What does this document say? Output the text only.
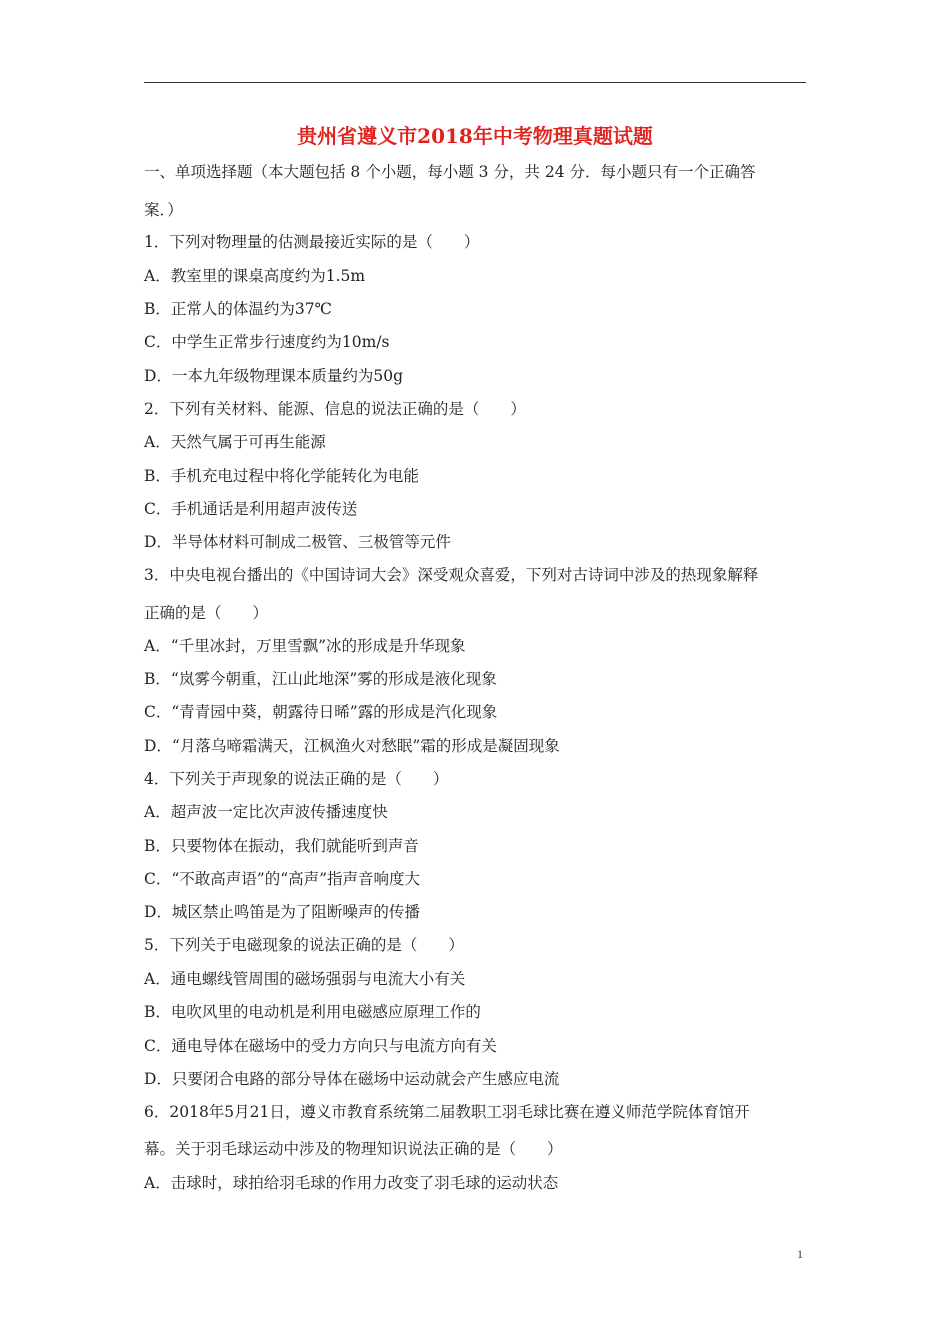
贵州省遵义市2018年中考物理真题试题
一、单项选择题（本大题包括 8 个小题，每小题 3 分，共 24 分．每小题只有一个正确答
案．）
1．下列对物理量的估测最接近实际的是（　　）
A．教室里的课桌高度约为1.5m
B．正常人的体温约为37℃
C．中学生正常步行速度约为10m/s
D．一本九年级物理课本质量约为50g
2．下列有关材料、能源、信息的说法正确的是（　　）
A．天然气属于可再生能源
B．手机充电过程中将化学能转化为电能
C．手机通话是利用超声波传送
D．半导体材料可制成二极管、三极管等元件
3．中央电视台播出的《中国诗词大会》深受观众喜爱，下列对古诗词中涉及的热现象解释
正确的是（　　）
A．“千里冰封，万里雪飘”冰的形成是升华现象
B．“岚雾今朝重，江山此地深”雾的形成是液化现象
C．“青青园中葵，朝露待日晞”露的形成是汽化现象
D．“月落乌啼霜满天，江枫渔火对愁眠”霜的形成是凝固现象
4．下列关于声现象的说法正确的是（　　）
A．超声波一定比次声波传播速度快
B．只要物体在振动，我们就能听到声音
C．“不敢高声语”的“高声”指声音响度大
D．城区禁止鸣笛是为了阻断噪声的传播
5．下列关于电磁现象的说法正确的是（　　）
A．通电螺线管周围的磁场强弱与电流大小有关
B．电吹风里的电动机是利用电磁感应原理工作的
C．通电导体在磁场中的受力方向只与电流方向有关
D．只要闭合电路的部分导体在磁场中运动就会产生感应电流
6．2018年5月21日，遵义市教育系统第二届教职工羽毛球比赛在遵义师范学院体育馆开
幕。关于羽毛球运动中涉及的物理知识说法正确的是（　　）
A．击球时，球拍给羽毛球的作用力改变了羽毛球的运动状态
1
